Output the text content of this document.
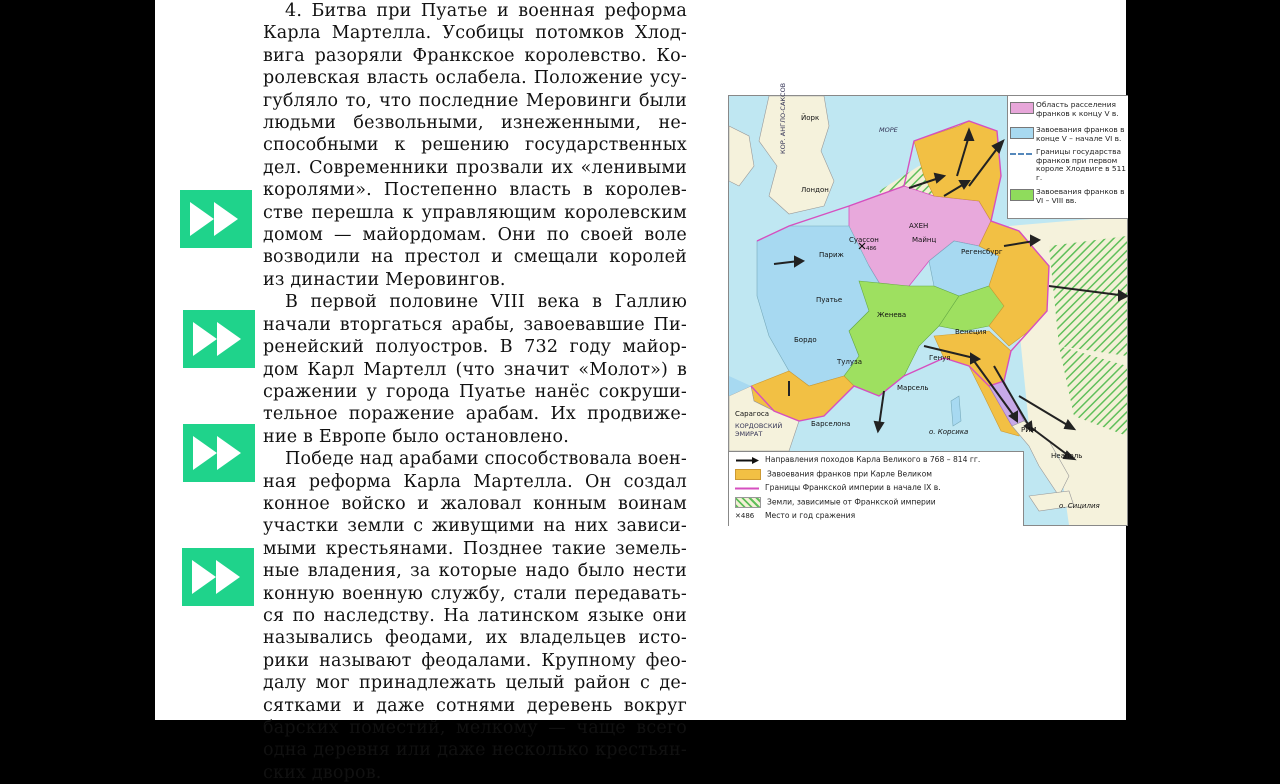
4. Битва при Пуатье и военная реформа
Карла Мартелла. Усобицы потомков Хлод-
вига разоряли Франкское королевство. Ко-
ролевская власть ослабела. Положение усу-
губляло то, что последние Меровинги были
людьми безвольными, изнеженными, не-
способными к решению государственных
дел. Современники прозвали их «ленивыми
королями». Постепенно власть в королев-
стве перешла к управляющим королевским
домом — майордомам. Они по своей воле
возводили на престол и смещали королей
из династии Меровингов.
В первой половине VIII века в Галлию
начали вторгаться арабы, завоевавшие Пи-
ренейский полуостров. В 732 году майор-
дом Карл Мартелл (что значит «Молот») в
сражении у города Пуатье нанёс сокруши-
тельное поражение арабам. Их продвиже-
ние в Европе было остановлено.
Победе над арабами способствовала воен-
ная реформа Карла Мартелла. Он создал
конное войско и жаловал конным воинам
участки земли с живущими на них зависи-
мыми крестьянами. Позднее такие земель-
ные владения, за которые надо было нести
конную военную службу, стали передавать-
ся по наследству. На латинском языке они
назывались феодами, их владельцев исто-
рики называют феодалами. Крупному феo-
далу мог принадлежать целый район с де-
сятками и даже сотнями деревень вокруг
барских поместий, мелкому — чаще всего
одна деревня или даже несколько крестьян-
ских дворов.
Йорк
Лондон
АХЕН
Майнц
Суассон
Париж	Регенсбург
Пуатье
Бордо
Жeнева
Тулуза
Венеция
Генуя
Марсель
Сарагоса
Барселона
РИМ
Неаполь
о. Корсика
о. Сицилия
КОР. АНГЛО-САКСОВ
КОРДОВСКИЙ ЭМИРАТ
МОРЕ
486
Область расселения франков к концу V в.
Завоевания франков в конце V – начале VI в.
Границы государства франков при первом короле Хлодвиге в 511 г.
Завоевания франков в VI – VIII вв.
Направления походов Карла Великого в 768 – 814 гг.
Завоевания франков при Карле Великом
Границы Франкской империи в начале IX в.
Земли, зависимые от Франкской империи
✕486 Место и год сражения
